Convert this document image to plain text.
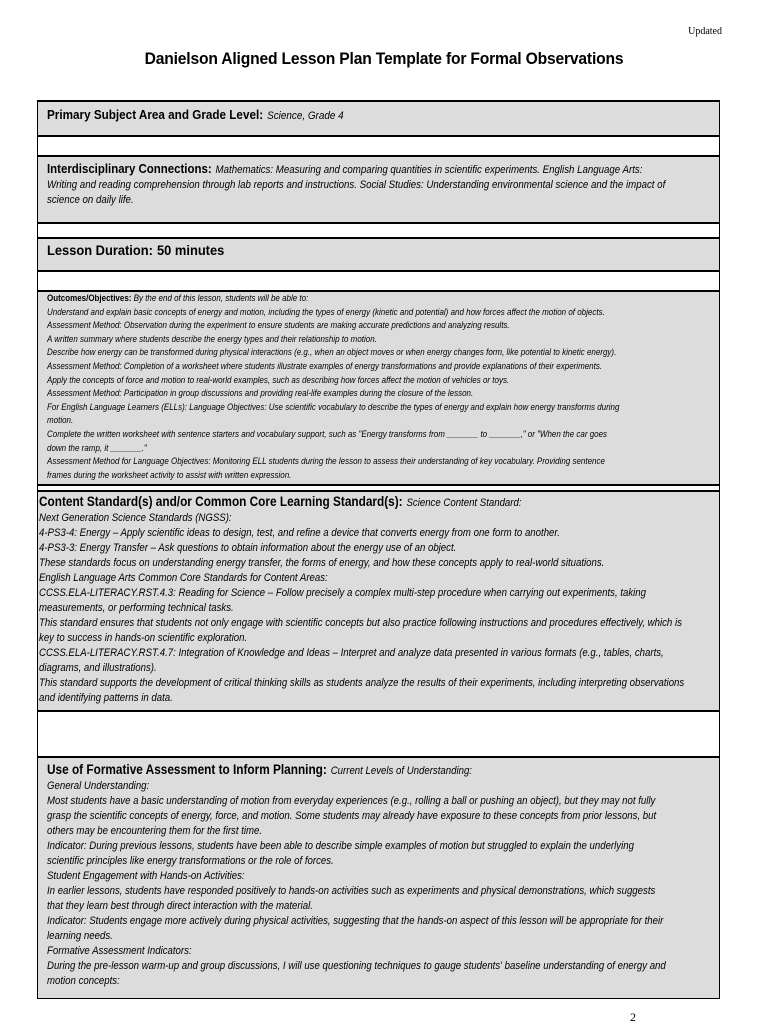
Updated
Danielson Aligned Lesson Plan Template for Formal Observations
Primary Subject Area and Grade Level: Science, Grade 4
Interdisciplinary Connections: Mathematics: Measuring and comparing quantities in scientific experiments. English Language Arts:
Writing and reading comprehension through lab reports and instructions. Social Studies: Understanding environmental science and the impact of
science on daily life.
Lesson Duration: 50 minutes
Outcomes/Objectives: By the end of this lesson, students will be able to:
Understand and explain basic concepts of energy and motion, including the types of energy (kinetic and potential) and how forces affect the motion of objects.
Assessment Method: Observation during the experiment to ensure students are making accurate predictions and analyzing results.
A written summary where students describe the energy types and their relationship to motion.
Describe how energy can be transformed during physical interactions (e.g., when an object moves or when energy changes form, like potential to kinetic energy).
Assessment Method: Completion of a worksheet where students illustrate examples of energy transformations and provide explanations of their experiments.
Apply the concepts of force and motion to real-world examples, such as describing how forces affect the motion of vehicles or toys.
Assessment Method: Participation in group discussions and providing real-life examples during the closure of the lesson.
For English Language Learners (ELLs): Language Objectives: Use scientific vocabulary to describe the types of energy and explain how energy transforms during
motion.
Complete the written worksheet with sentence starters and vocabulary support, such as "Energy transforms from _______ to _______," or "When the car goes
down the ramp, it _______."
Assessment Method for Language Objectives: Monitoring ELL students during the lesson to assess their understanding of key vocabulary. Providing sentence
frames during the worksheet activity to assist with written expression.
Content Standard(s) and/or Common Core Learning Standard(s): Science Content Standard:
Next Generation Science Standards (NGSS):
4-PS3-4: Energy – Apply scientific ideas to design, test, and refine a device that converts energy from one form to another.
4-PS3-3: Energy Transfer – Ask questions to obtain information about the energy use of an object.
These standards focus on understanding energy transfer, the forms of energy, and how these concepts apply to real-world situations.
English Language Arts Common Core Standards for Content Areas:
CCSS.ELA-LITERACY.RST.4.3: Reading for Science – Follow precisely a complex multi-step procedure when carrying out experiments, taking
measurements, or performing technical tasks.
This standard ensures that students not only engage with scientific concepts but also practice following instructions and procedures effectively, which is
key to success in hands-on scientific exploration.
CCSS.ELA-LITERACY.RST.4.7: Integration of Knowledge and Ideas – Interpret and analyze data presented in various formats (e.g., tables, charts,
diagrams, and illustrations).
This standard supports the development of critical thinking skills as students analyze the results of their experiments, including interpreting observations
and identifying patterns in data.
Use of Formative Assessment to Inform Planning: Current Levels of Understanding:
General Understanding:
Most students have a basic understanding of motion from everyday experiences (e.g., rolling a ball or pushing an object), but they may not fully
grasp the scientific concepts of energy, force, and motion. Some students may already have exposure to these concepts from prior lessons, but
others may be encountering them for the first time.
Indicator: During previous lessons, students have been able to describe simple examples of motion but struggled to explain the underlying
scientific principles like energy transformations or the role of forces.
Student Engagement with Hands-on Activities:
In earlier lessons, students have responded positively to hands-on activities such as experiments and physical demonstrations, which suggests
that they learn best through direct interaction with the material.
Indicator: Students engage more actively during physical activities, suggesting that the hands-on aspect of this lesson will be appropriate for their
learning needs.
Formative Assessment Indicators:
During the pre-lesson warm-up and group discussions, I will use questioning techniques to gauge students' baseline understanding of energy and
motion concepts:
2
